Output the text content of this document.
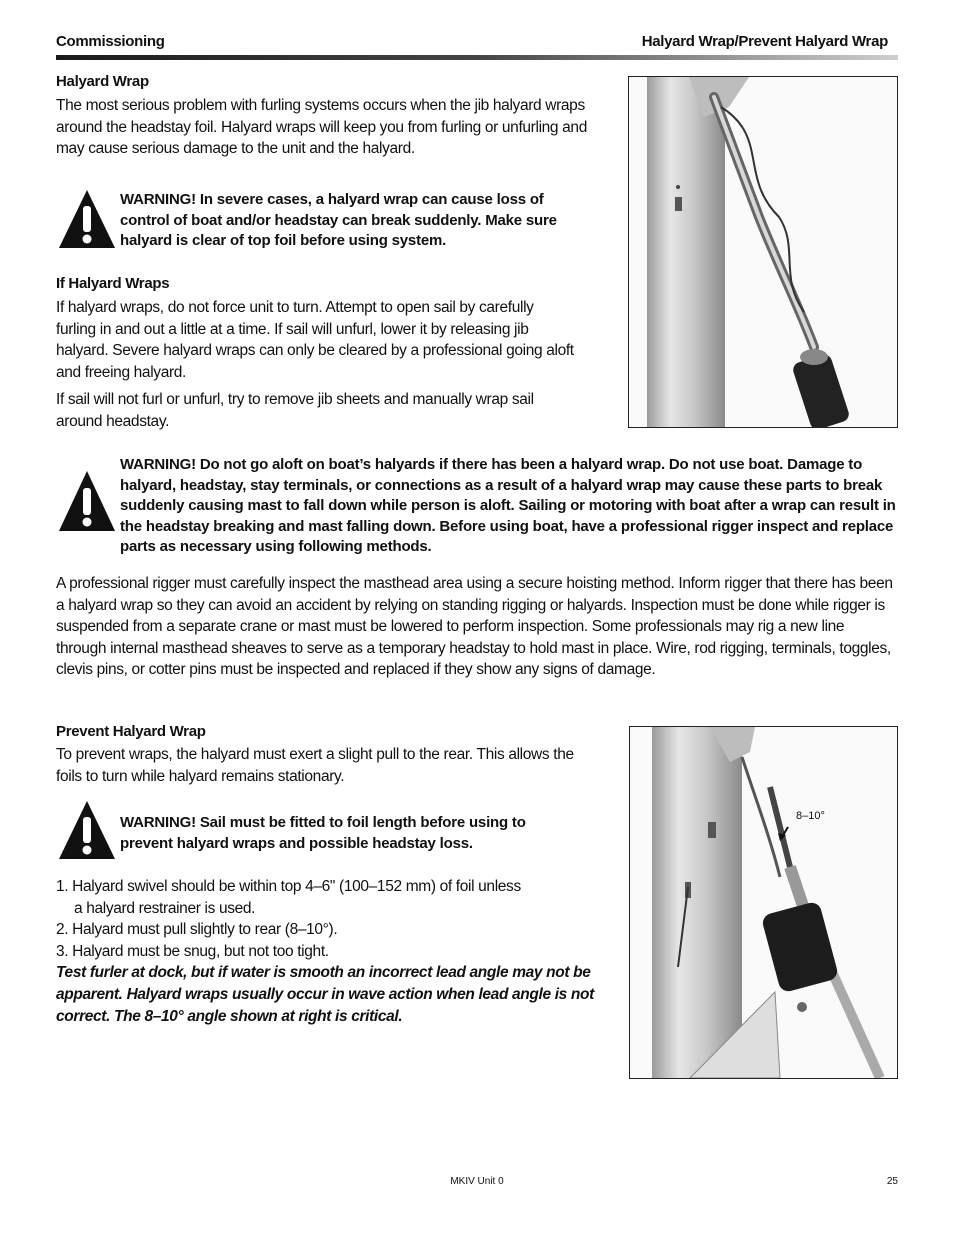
Commissioning	Halyard Wrap/Prevent Halyard Wrap
Halyard Wrap

The most serious problem with furling systems occurs when the jib halyard wraps around the headstay foil. Halyard wraps will keep you from furling or unfurling and may cause serious damage to the unit and the halyard.

WARNING! In severe cases, a halyard wrap can cause loss of control of boat and/or headstay can break suddenly. Make sure halyard is clear of top foil before using system.

If Halyard Wraps

If halyard wraps, do not force unit to turn. Attempt to open sail by carefully furling in and out a little at a time. If sail will unfurl, lower it by releasing jib halyard. Severe halyard wraps can only be cleared by a professional going aloft and freeing halyard.

If sail will not furl or unfurl, try to remove jib sheets and manually wrap sail around headstay.

WARNING! Do not go aloft on boat’s halyards if there has been a halyard wrap. Do not use boat. Damage to halyard, headstay, stay terminals, or connections as a result of a halyard wrap may cause these parts to break suddenly causing mast to fall down while person is aloft. Sailing or motoring with boat after a wrap can result in the headstay breaking and mast falling down. Before using boat, have a professional rigger inspect and replace parts as necessary using following methods.

A professional rigger must carefully inspect the masthead area using a secure hoisting method. Inform rigger that there has been a halyard wrap so they can avoid an accident by relying on standing rigging or halyards. Inspection must be done while rigger is suspended from a separate crane or mast must be lowered to perform inspection. Some professionals may rig a new line through internal masthead sheaves to serve as a temporary headstay to hold mast in place. Wire, rod rigging, terminals, toggles, clevis pins, or cotter pins must be inspected and replaced if they show any signs of damage.

Prevent Halyard Wrap

To prevent wraps, the halyard must exert a slight pull to the rear. This allows the foils to turn while halyard remains stationary.

WARNING! Sail must be fitted to foil length before using to prevent halyard wraps and possible headstay loss.

1. Halyard swivel should be within top 4–6" (100–152 mm) of foil unless
a halyard restrainer is used.
2. Halyard must pull slightly to rear (8–10°).
3. Halyard must be snug, but not too tight.

Test furler at dock, but if water is smooth an incorrect lead angle may not be apparent. Halyard wraps usually occur in wave action when lead angle is not correct. The 8–10° angle shown at right is critical.

8–10°
MKIV Unit 0	25
